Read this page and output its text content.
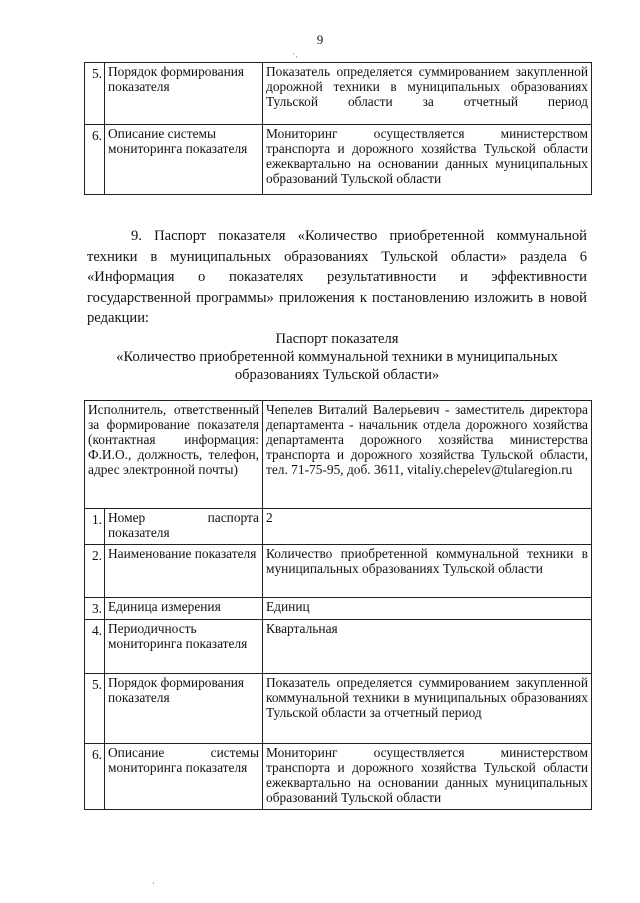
9
˙·
5.	Порядок формирования показателя	Показатель определяется суммированием закупленной дорожной техники в муниципальных образованиях Тульской области за отчетный период
6.	Описание системы мониторинга показателя	Мониторинг осуществляется министерством транспорта и дорожного хозяйства Тульской области ежеквартально на основании данных муниципальных образований Тульской области
9. Паспорт показателя «Количество приобретенной коммунальной техники в муниципальных образованиях Тульской области» раздела 6 «Информация о показателях результативности и эффективности государственной программы» приложения к постановлению изложить в новой редакции:
Паспорт показателя
«Количество приобретенной коммунальной техники в муниципальных образованиях Тульской области»
Исполнитель, ответственный за формирование показателя (контактная информация: Ф.И.О., должность, телефон, адрес электронной почты)		Чепелев Виталий Валерьевич - заместитель директора департамента - начальник отдела дорожного хозяйства департамента дорожного хозяйства министерства транспорта и дорожного хозяйства Тульской области, тел. 71-75-95, доб. 3611, vitaliy.chepelev@tularegion.ru
1.	Номер паспорта показателя	2
2.	Наименование показателя	Количество приобретенной коммунальной техники в муниципальных образованиях Тульской области
3.	Единица измерения	Единиц
4.	Периодичность мониторинга показателя	Квартальная
5.	Порядок формирования показателя	Показатель определяется суммированием закупленной коммунальной техники в муниципальных образованиях Тульской области за отчетный период
6.	Описание системы мониторинга показателя	Мониторинг осуществляется министерством транспорта и дорожного хозяйства Тульской области ежеквартально на основании данных муниципальных образований Тульской области
·
